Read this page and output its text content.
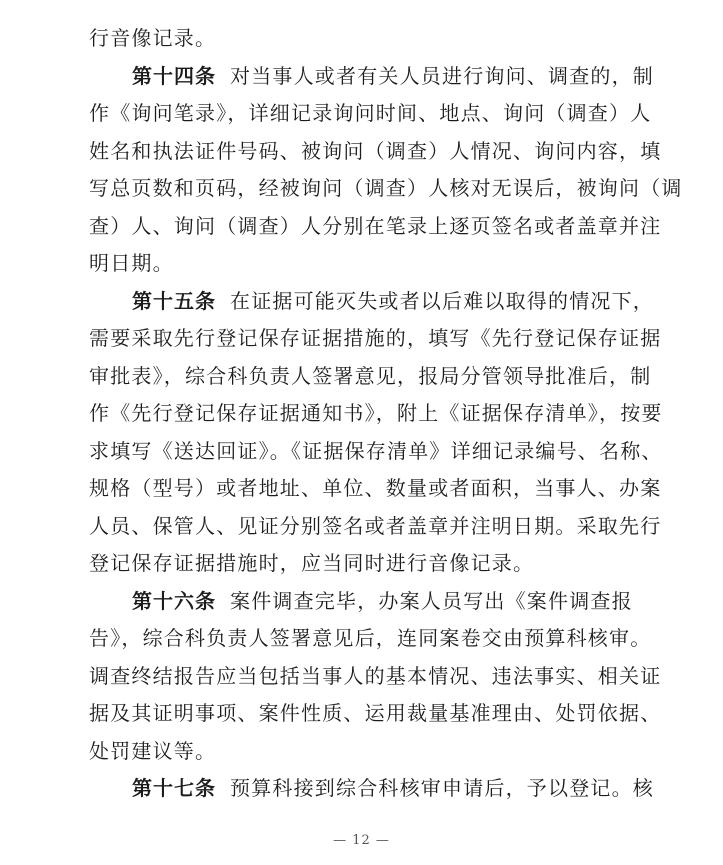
行音像记录。
第十四条 对当事人或者有关人员进行询问、调查的，制
作《询问笔录》，详细记录询问时间、地点、询问（调查）人
姓名和执法证件号码、被询问（调查）人情况、询问内容，填
写总页数和页码，经被询问（调查）人核对无误后，被询问（调
查）人、询问（调查）人分别在笔录上逐页签名或者盖章并注
明日期。
第十五条 在证据可能灭失或者以后难以取得的情况下，
需要采取先行登记保存证据措施的，填写《先行登记保存证据
审批表》，综合科负责人签署意见，报局分管领导批准后，制
作《先行登记保存证据通知书》，附上《证据保存清单》，按要
求填写《送达回证》。《证据保存清单》详细记录编号、名称、
规格（型号）或者地址、单位、数量或者面积，当事人、办案
人员、保管人、见证分别签名或者盖章并注明日期。采取先行
登记保存证据措施时，应当同时进行音像记录。
第十六条 案件调查完毕，办案人员写出《案件调查报
告》，综合科负责人签署意见后，连同案卷交由预算科核审。
调查终结报告应当包括当事人的基本情况、违法事实、相关证
据及其证明事项、案件性质、运用裁量基准理由、处罚依据、
处罚建议等。
第十七条 预算科接到综合科核审申请后，予以登记。核
— 12 —
